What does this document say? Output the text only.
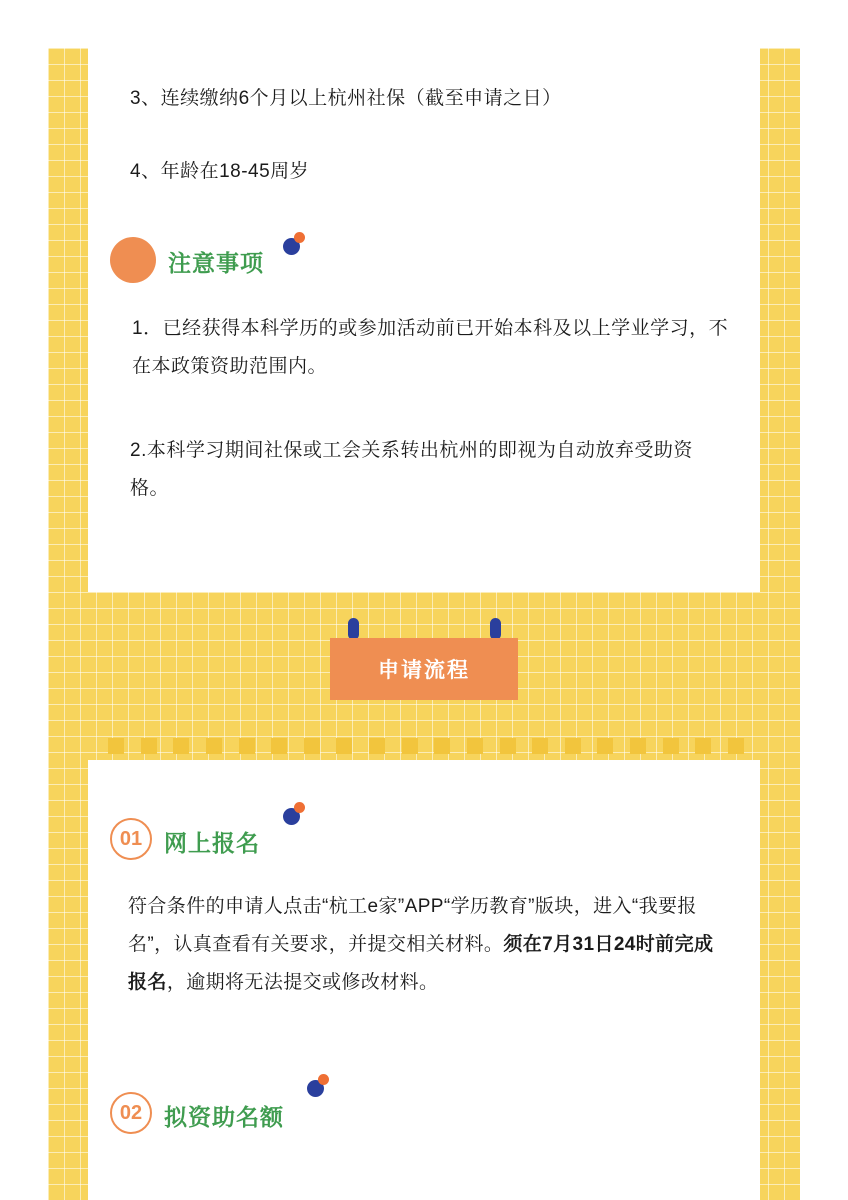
3、连续缴纳6个月以上杭州社保（截至申请之日）
4、年龄在18-45周岁
注意事项
1．已经获得本科学历的或参加活动前已开始本科及以上学业学习，不在本政策资助范围内。
2.本科学习期间社保或工会关系转出杭州的即视为自动放弃受助资格。
申请流程
01 网上报名
符合条件的申请人点击“杭工e家”APP“学历教育”版块，进入“我要报名”，认真查看有关要求，并提交相关材料。须在7月31日24时前完成报名，逾期将无法提交或修改材料。
02 拟资助名额
